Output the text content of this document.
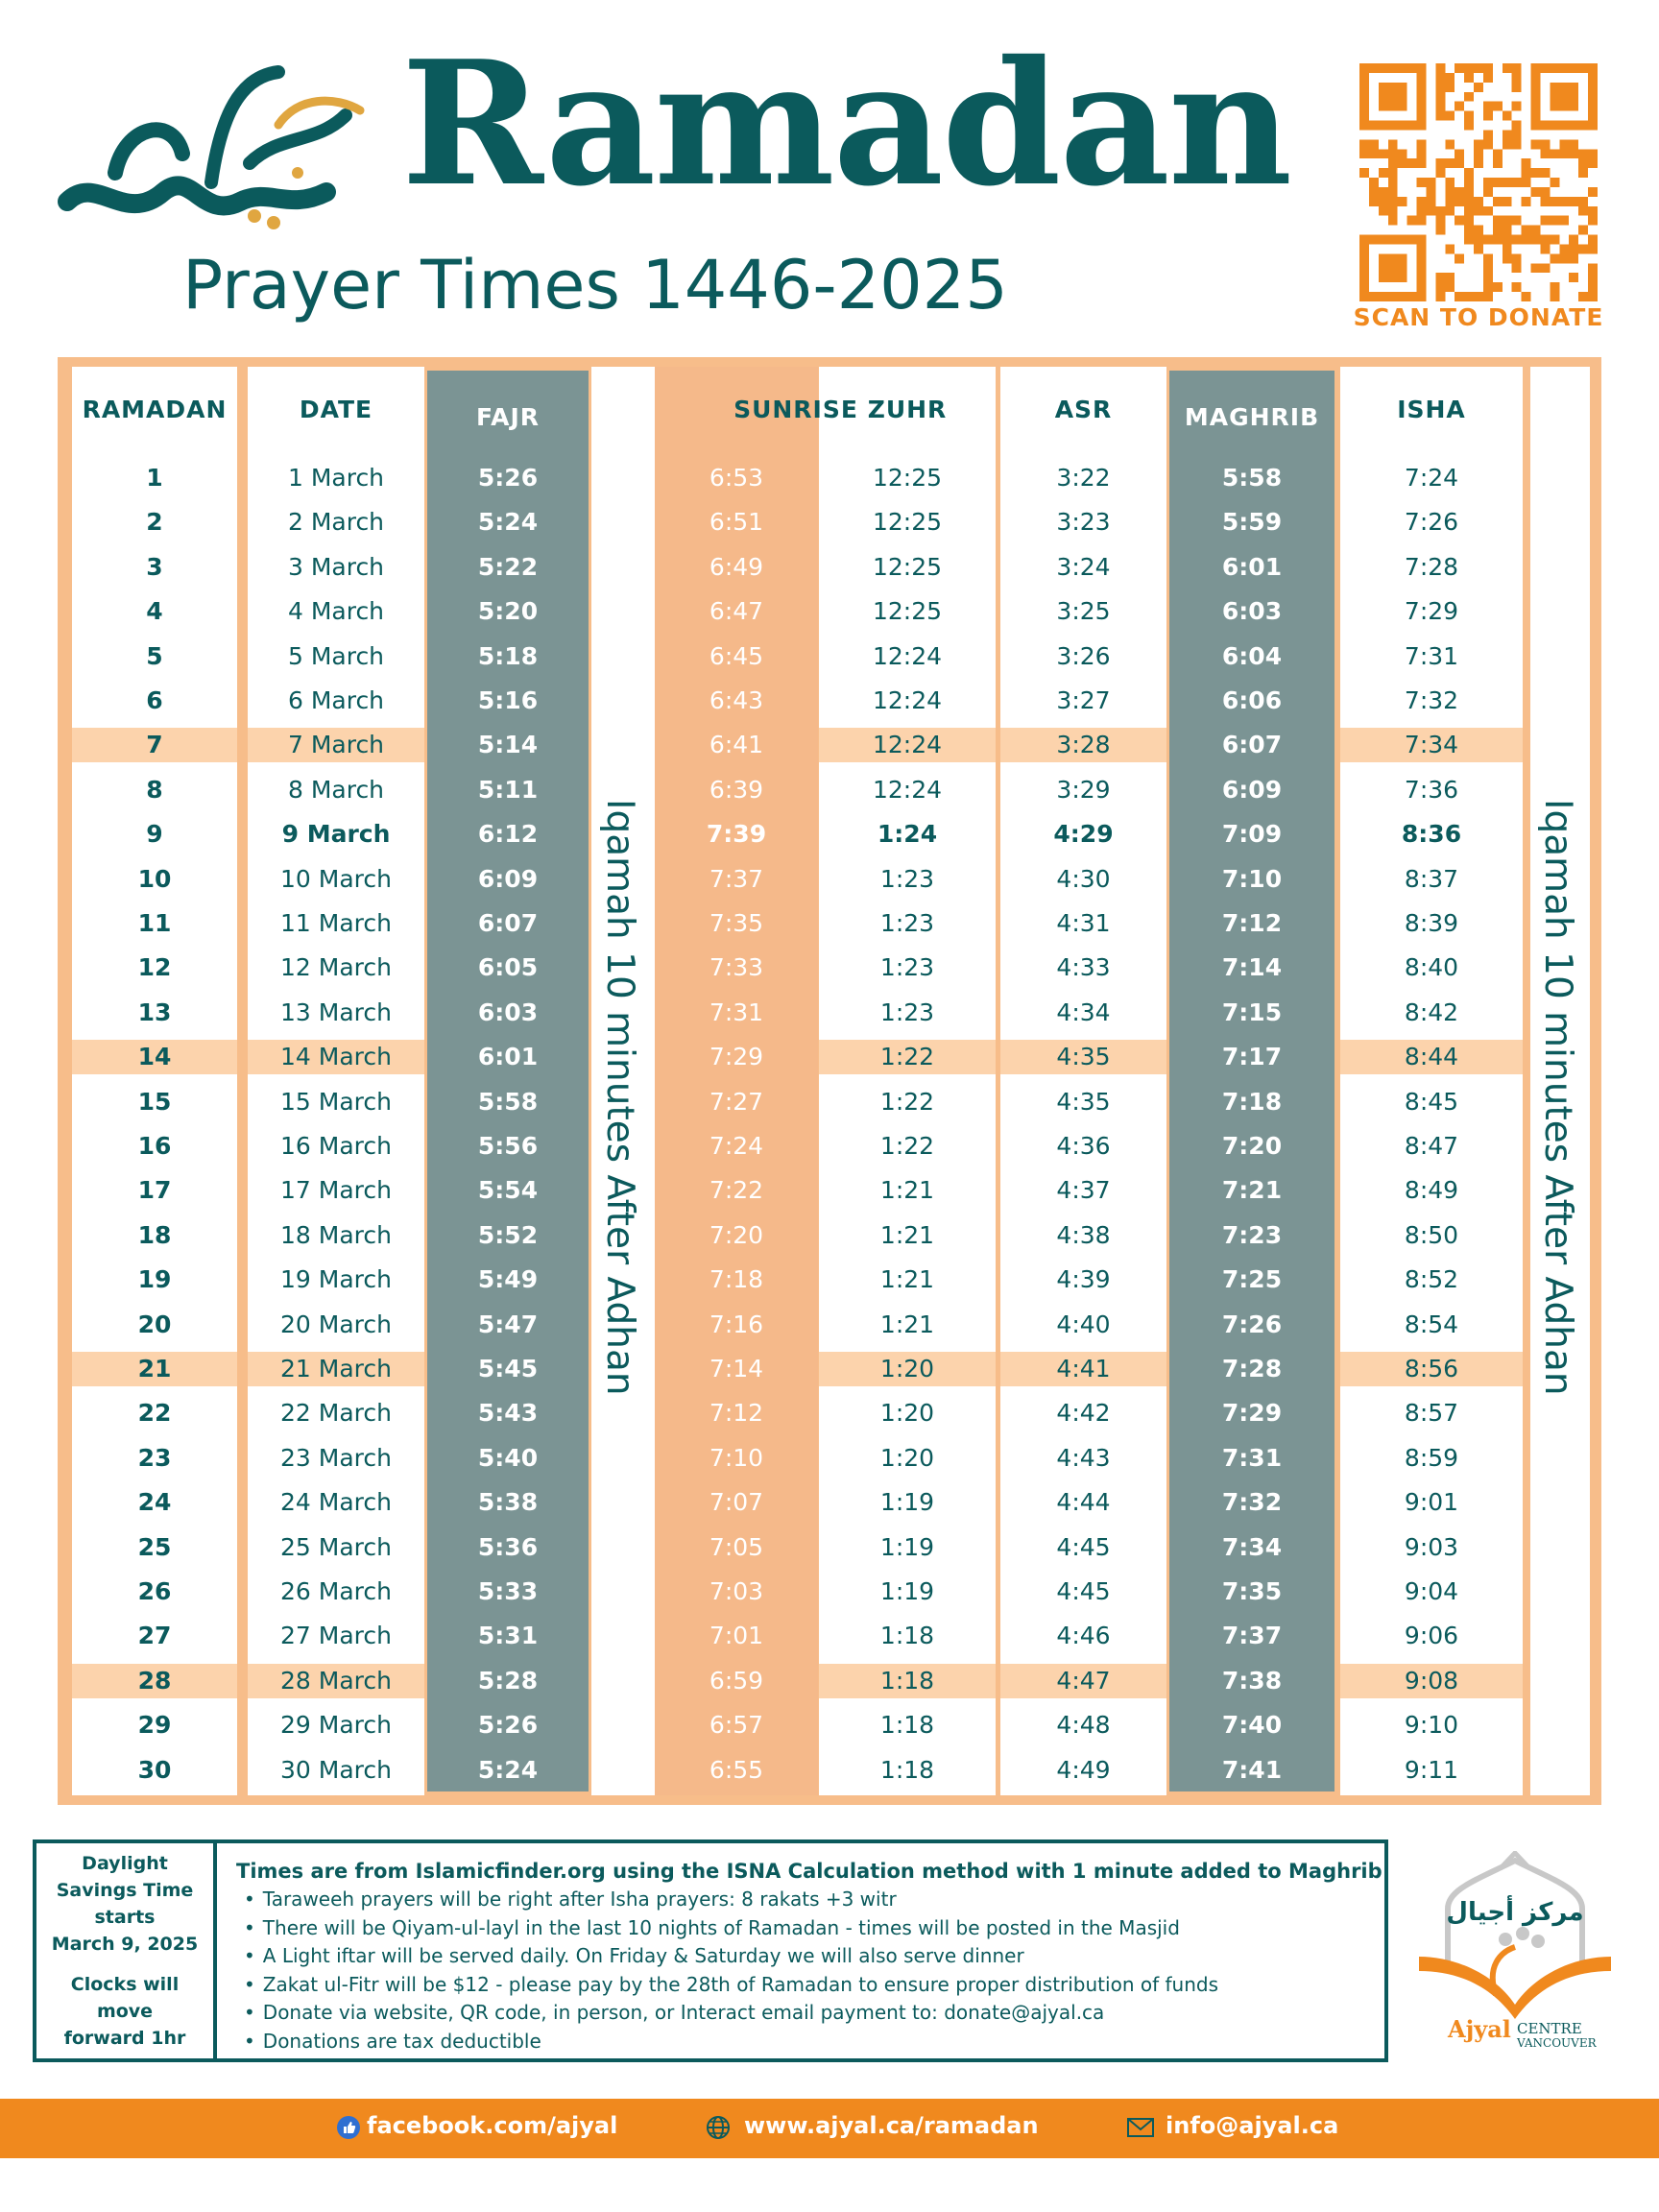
Ramadan
Prayer Times 1446-2025	SCAN TO DONATE
RAMADAN	DATE	FAJR	SUNRISE ZUHR	ASR	MAGHRIB	ISHA
1	1 March	5:26	6:53	12:25	3:22	5:58	7:24
2	2 March	5:24	6:51	12:25	3:23	5:59	7:26
3	3 March	5:22	6:49	12:25	3:24	6:01	7:28
4	4 March	5:20	6:47	12:25	3:25	6:03	7:29
5	5 March	5:18	6:45	12:24	3:26	6:04	7:31
6	6 March	5:16	6:43	12:24	3:27	6:06	7:32
7	7 March	5:14	6:41	12:24	3:28	6:07	7:34
8	8 March	5:11	6:39	12:24	3:29	6:09	7:36
9	9 March	6:12	7:39	1:24	4:29	7:09	8:36
10	10 March	6:09	7:37	1:23	4:30	7:10	8:37
11	11 March	6:07	7:35	1:23	4:31	7:12	8:39
12	12 March	6:05	7:33	1:23	4:33	7:14	8:40
13	13 March	6:03	7:31	1:23	4:34	7:15	8:42
14	14 March	6:01	7:29	1:22	4:35	7:17	8:44
15	15 March	5:58	7:27	1:22	4:35	7:18	8:45
16	16 March	5:56	7:24	1:22	4:36	7:20	8:47
17	17 March	5:54	7:22	1:21	4:37	7:21	8:49
18	18 March	5:52	7:20	1:21	4:38	7:23	8:50
19	19 March	5:49	7:18	1:21	4:39	7:25	8:52
20	20 March	5:47	7:16	1:21	4:40	7:26	8:54
21	21 March	5:45	7:14	1:20	4:41	7:28	8:56
22	22 March	5:43	7:12	1:20	4:42	7:29	8:57
23	23 March	5:40	7:10	1:20	4:43	7:31	8:59
24	24 March	5:38	7:07	1:19	4:44	7:32	9:01
25	25 March	5:36	7:05	1:19	4:45	7:34	9:03
26	26 March	5:33	7:03	1:19	4:45	7:35	9:04
27	27 March	5:31	7:01	1:18	4:46	7:37	9:06
28	28 March	5:28	6:59	1:18	4:47	7:38	9:08
29	29 March	5:26	6:57	1:18	4:48	7:40	9:10
30	30 March	5:24	6:55	1:18	4:49	7:41	9:11
Iqamah 10 minutes After Adhan	Iqamah 10 minutes After Adhan
Daylight
Savings Time
starts
March 9, 2025
Clocks will
move
forward 1hr
Times are from Islamicfinder.org using the ISNA Calculation method with 1 minute added to Maghrib
• Taraweeh prayers will be right after Isha prayers: 8 rakats +3 witr
• There will be Qiyam-ul-layl in the last 10 nights of Ramadan - times will be posted in the Masjid
• A Light iftar will be served daily. On Friday & Saturday we will also serve dinner
• Zakat ul-Fitr will be $12 - please pay by the 28th of Ramadan to ensure proper distribution of funds
• Donate via website, QR code, in person, or Interact email payment to: donate@ajyal.ca
• Donations are tax deductible
مركز أجيال
Ajyal CENTRE
VANCOUVER
facebook.com/ajyal	www.ajyal.ca/ramadan	info@ajyal.ca
